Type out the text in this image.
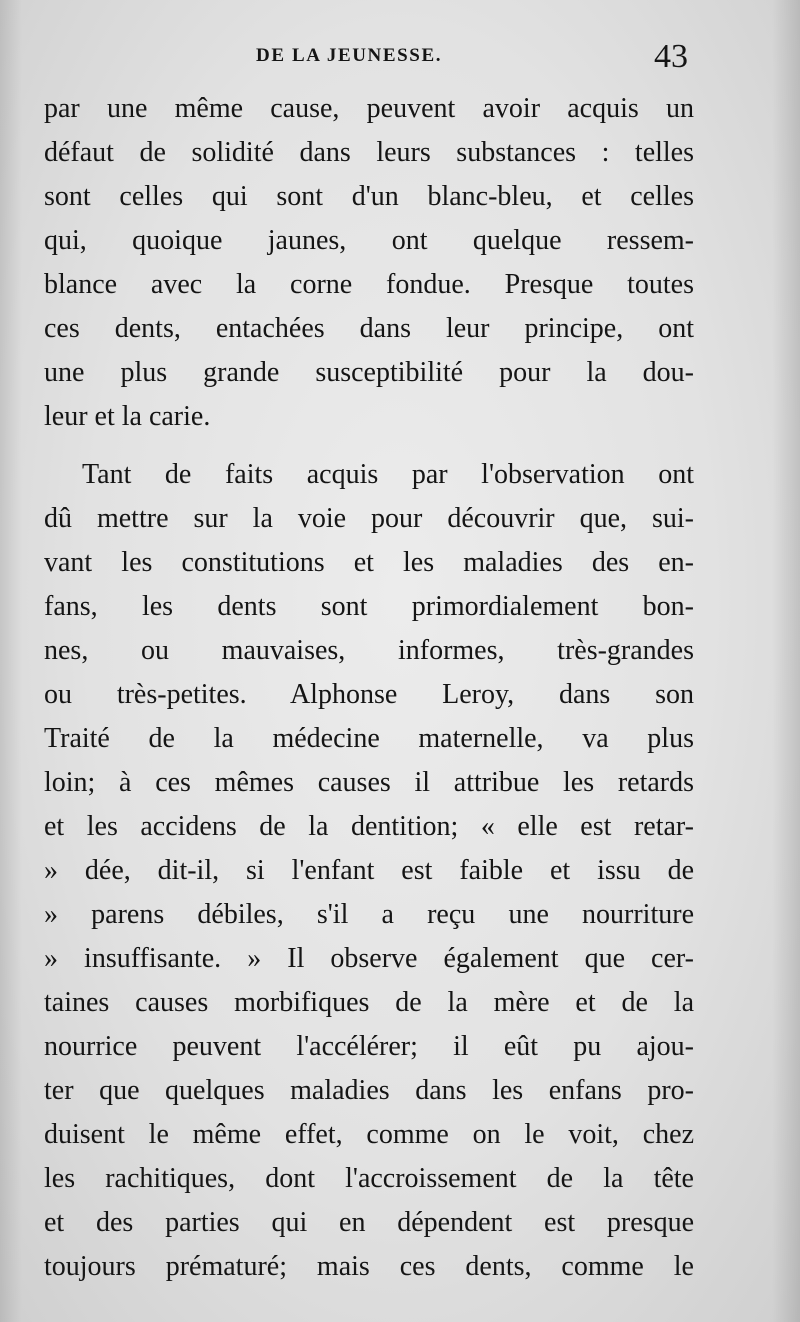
DE LA JEUNESSE.	43
par une même cause, peuvent avoir acquis un
défaut de solidité dans leurs substances : telles
sont celles qui sont d'un blanc-bleu, et celles
qui, quoique jaunes, ont quelque ressem-
blance avec la corne fondue. Presque toutes
ces dents, entachées dans leur principe, ont
une plus grande susceptibilité pour la dou-
leur et la carie.
Tant de faits acquis par l'observation ont
dû mettre sur la voie pour découvrir que, sui-
vant les constitutions et les maladies des en-
fans, les dents sont primordialement bon-
nes, ou mauvaises, informes, très-grandes
ou très-petites. Alphonse Leroy, dans son
Traité de la médecine maternelle, va plus
loin; à ces mêmes causes il attribue les retards
et les accidens de la dentition; « elle est retar-
» dée, dit-il, si l'enfant est faible et issu de
» parens débiles, s'il a reçu une nourriture
» insuffisante. » Il observe également que cer-
taines causes morbifiques de la mère et de la
nourrice peuvent l'accélérer; il eût pu ajou-
ter que quelques maladies dans les enfans pro-
duisent le même effet, comme on le voit, chez
les rachitiques, dont l'accroissement de la tête
et des parties qui en dépendent est presque
toujours prématuré; mais ces dents, comme le
